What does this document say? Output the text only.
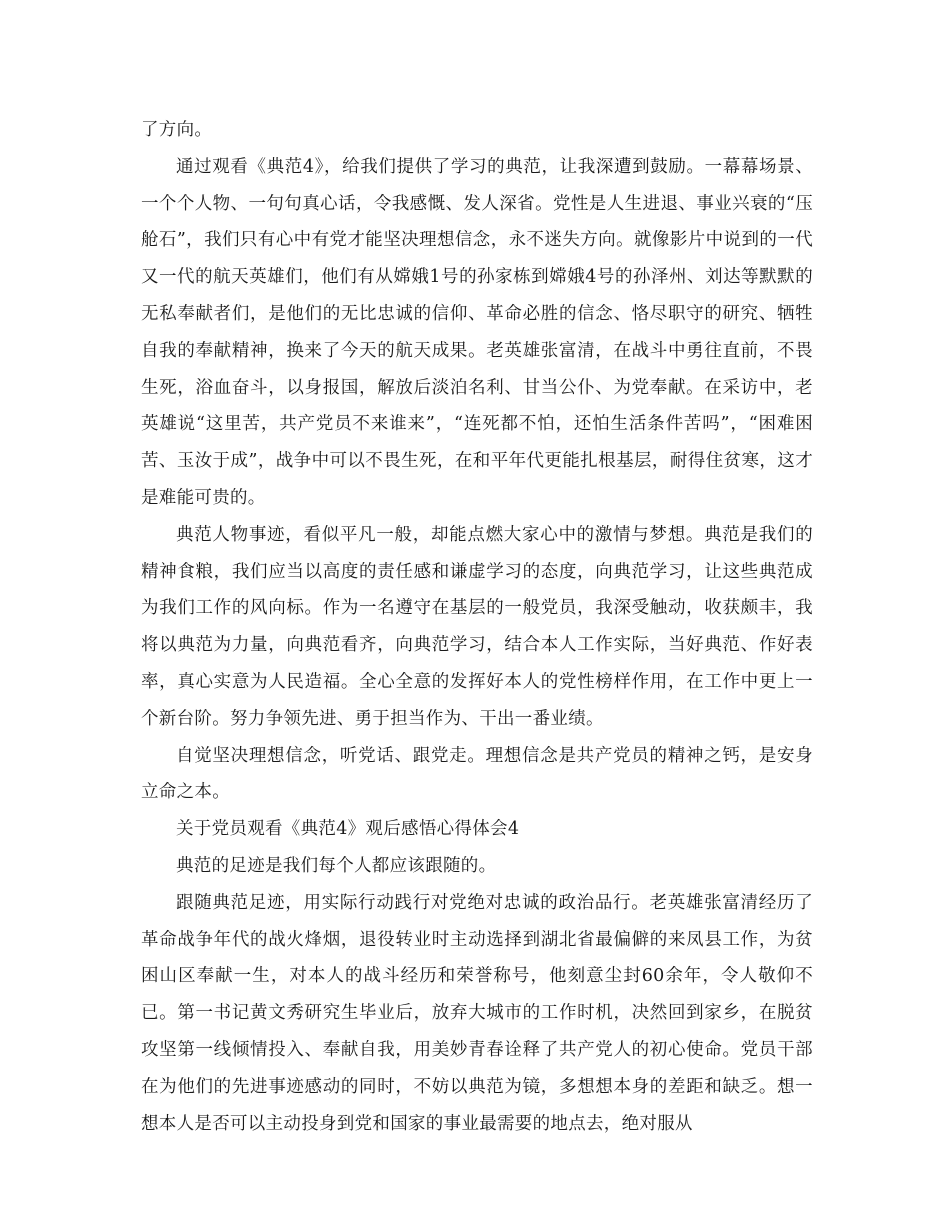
了方向。

通过观看《典范4》，给我们提供了学习的典范，让我深遭到鼓励。一幕幕场景、一个个人物、一句句真心话，令我感慨、发人深省。党性是人生进退、事业兴衰的“压舱石”，我们只有心中有党才能坚决理想信念，永不迷失方向。就像影片中说到的一代又一代的航天英雄们，他们有从嫦娥1号的孙家栋到嫦娥4号的孙泽州、刘达等默默的无私奉献者们，是他们的无比忠诚的信仰、革命必胜的信念、恪尽职守的研究、牺牲自我的奉献精神，换来了今天的航天成果。老英雄张富清，在战斗中勇往直前，不畏生死，浴血奋斗，以身报国，解放后淡泊名利、甘当公仆、为党奉献。在采访中，老英雄说“这里苦，共产党员不来谁来”，“连死都不怕，还怕生活条件苦吗”，“困难困苦、玉汝于成”，战争中可以不畏生死，在和平年代更能扎根基层，耐得住贫寒，这才是难能可贵的。

典范人物事迹，看似平凡一般，却能点燃大家心中的激情与梦想。典范是我们的精神食粮，我们应当以高度的责任感和谦虚学习的态度，向典范学习，让这些典范成为我们工作的风向标。作为一名遵守在基层的一般党员，我深受触动，收获颇丰，我将以典范为力量，向典范看齐，向典范学习，结合本人工作实际，当好典范、作好表率，真心实意为人民造福。全心全意的发挥好本人的党性榜样作用，在工作中更上一个新台阶。努力争领先进、勇于担当作为、干出一番业绩。

自觉坚决理想信念，听党话、跟党走。理想信念是共产党员的精神之钙，是安身立命之本。

关于党员观看《典范4》观后感悟心得体会4

典范的足迹是我们每个人都应该跟随的。

跟随典范足迹，用实际行动践行对党绝对忠诚的政治品行。老英雄张富清经历了革命战争年代的战火烽烟，退役转业时主动选择到湖北省最偏僻的来凤县工作，为贫困山区奉献一生，对本人的战斗经历和荣誉称号，他刻意尘封60余年，令人敬仰不已。第一书记黄文秀研究生毕业后，放弃大城市的工作时机，决然回到家乡，在脱贫攻坚第一线倾情投入、奉献自我，用美妙青春诠释了共产党人的初心使命。党员干部在为他们的先进事迹感动的同时，不妨以典范为镜，多想想本身的差距和缺乏。想一想本人是否可以主动投身到党和国家的事业最需要的地点去，绝对服从
